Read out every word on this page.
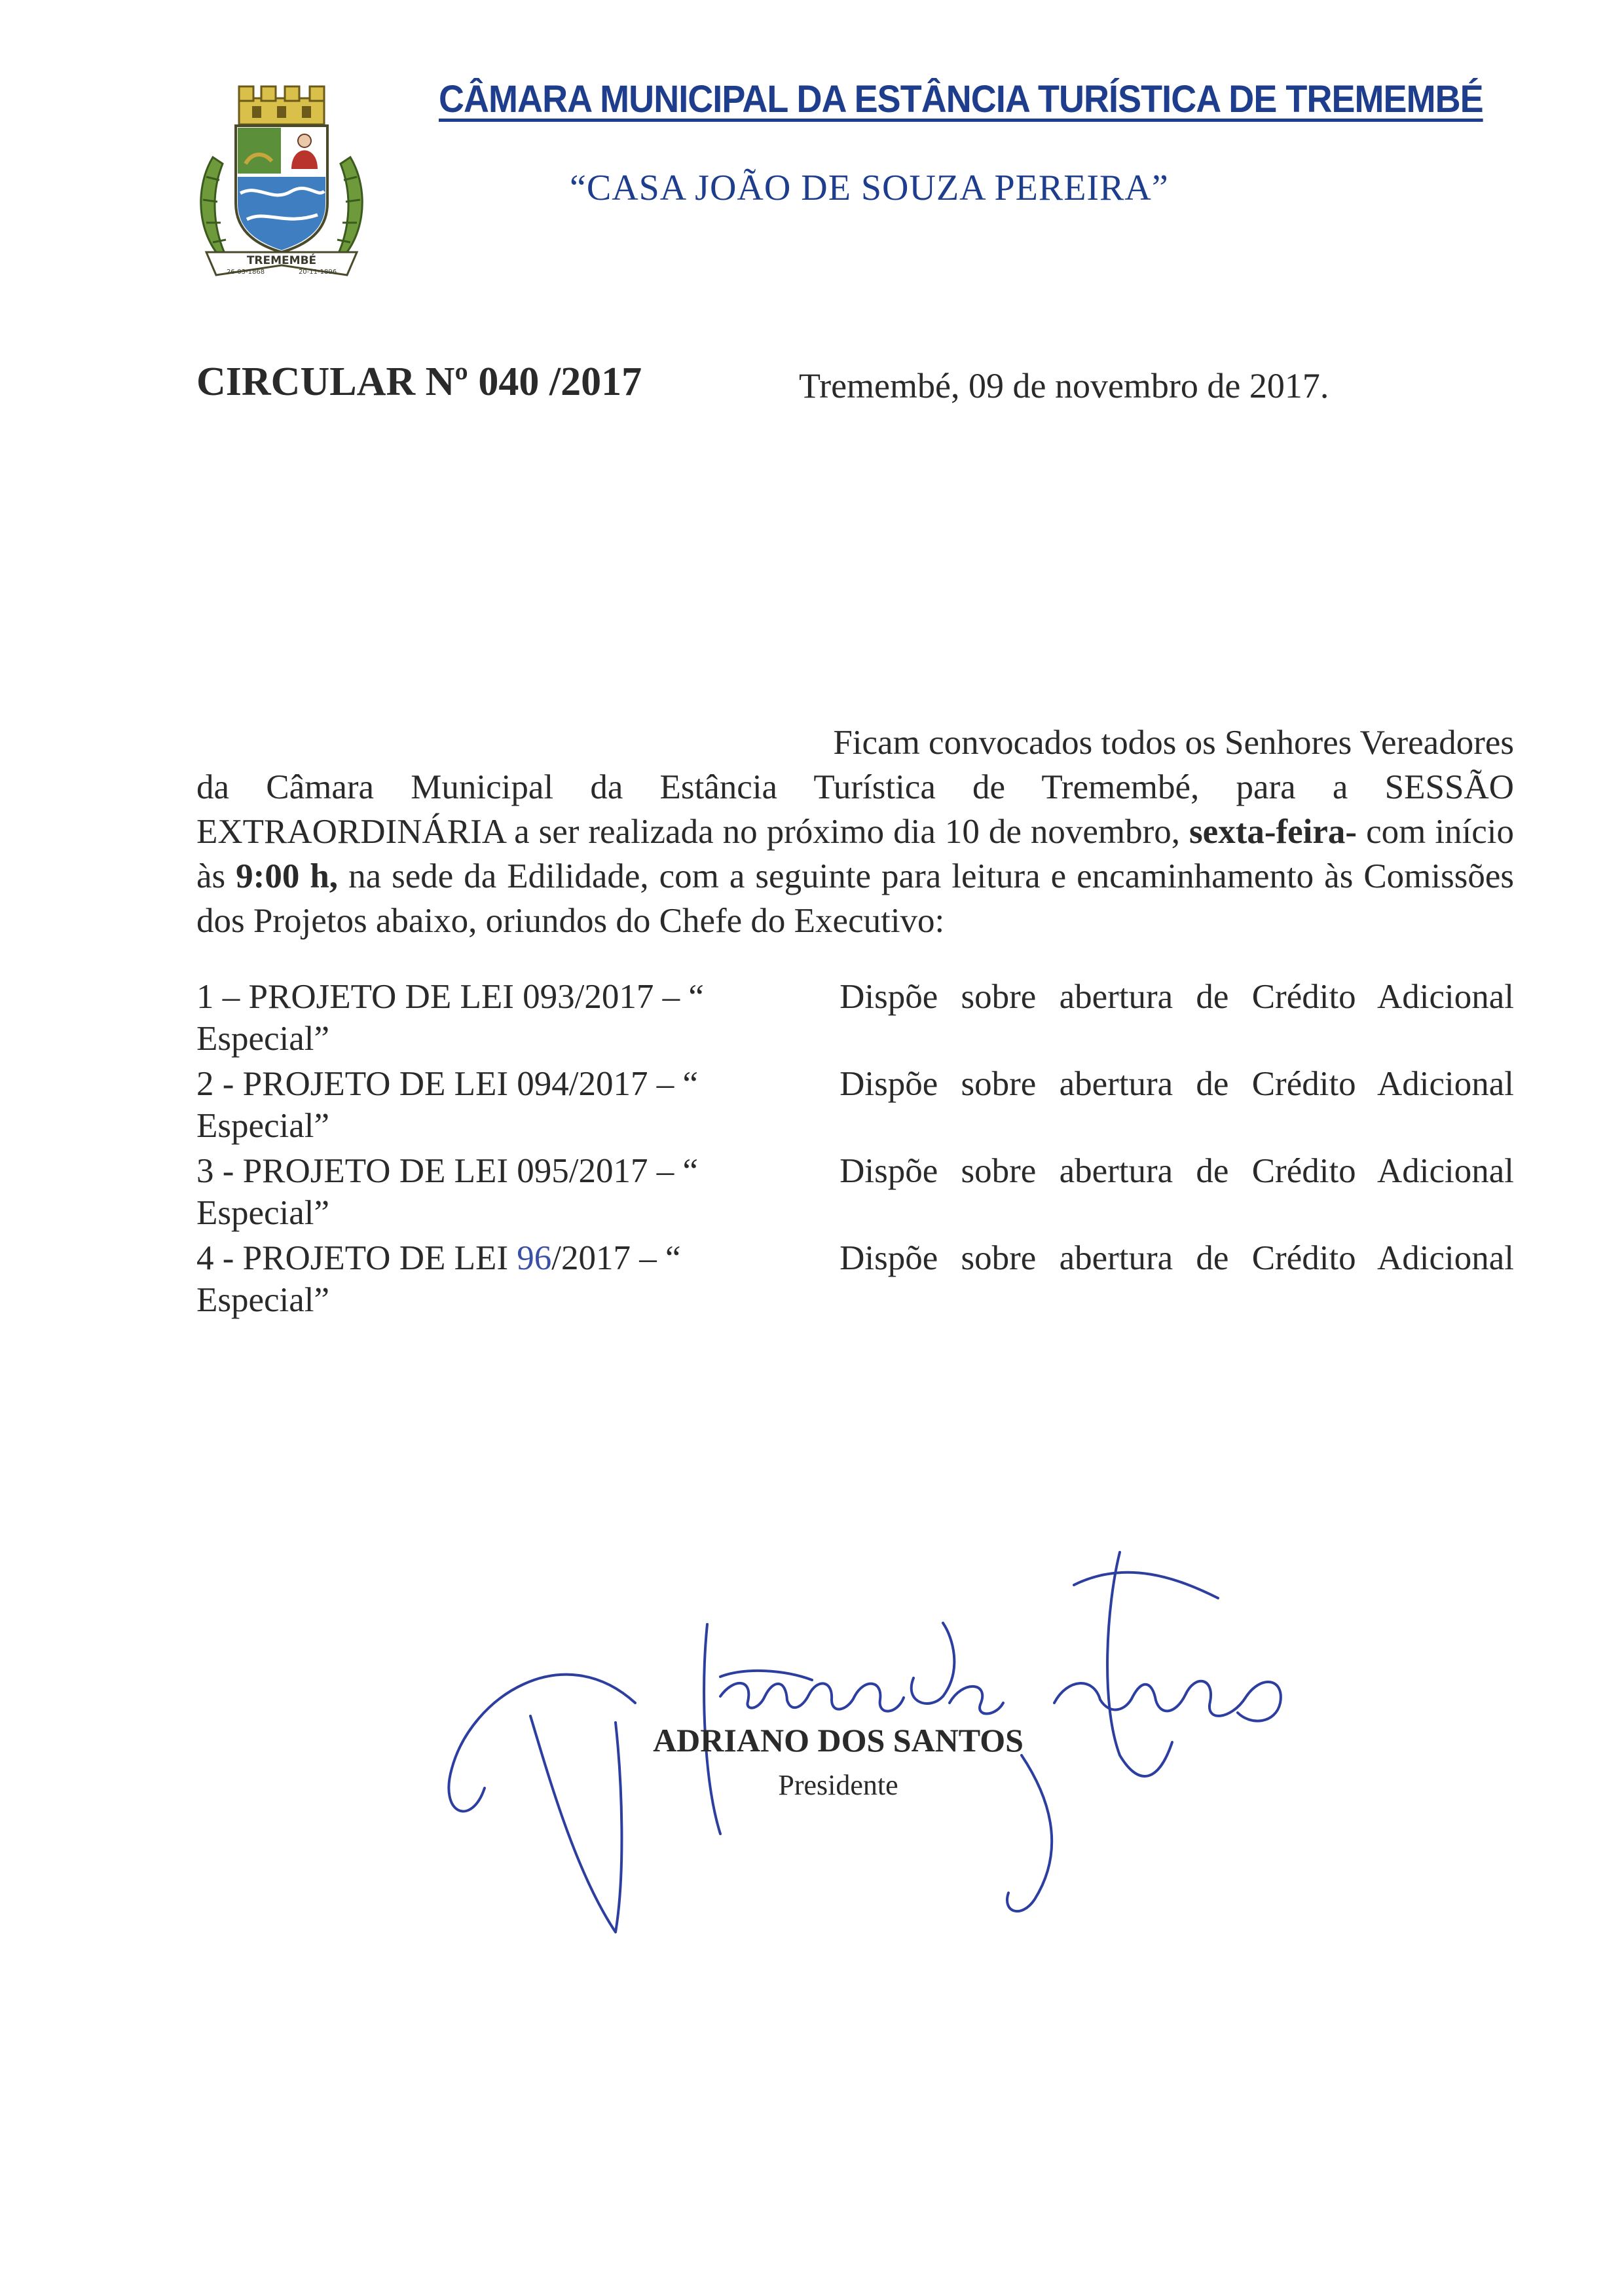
TREMEMBÉ
26-03-1868	20-11-1896
CÂMARA MUNICIPAL DA ESTÂNCIA TURÍSTICA DE TREMEMBÉ
“CASA JOÃO DE SOUZA PEREIRA”
CIRCULAR Nº 040 /2017	Tremembé, 09 de novembro de 2017.
Ficam convocados todos os Senhores Vereadores
da Câmara Municipal da Estância Turística de Tremembé, para a SESSÃO EXTRAORDINÁRIA a ser realizada no próximo dia 10 de novembro, sexta-feira- com início às 9:00 h, na sede da Edilidade, com a seguinte para leitura e encaminhamento às Comissões dos Projetos abaixo, oriundos do Chefe do Executivo:
1 – PROJETO DE LEI 093/2017 – “	Dispõe sobre abertura de Crédito Adicional
Especial”
2 - PROJETO DE LEI 094/2017 – “	Dispõe sobre abertura de Crédito Adicional
Especial”
3 - PROJETO DE LEI 095/2017 – “	Dispõe sobre abertura de Crédito Adicional
Especial”
4 - PROJETO DE LEI 96/2017 – “	Dispõe sobre abertura de Crédito Adicional
Especial”
ADRIANO DOS SANTOS
Presidente
